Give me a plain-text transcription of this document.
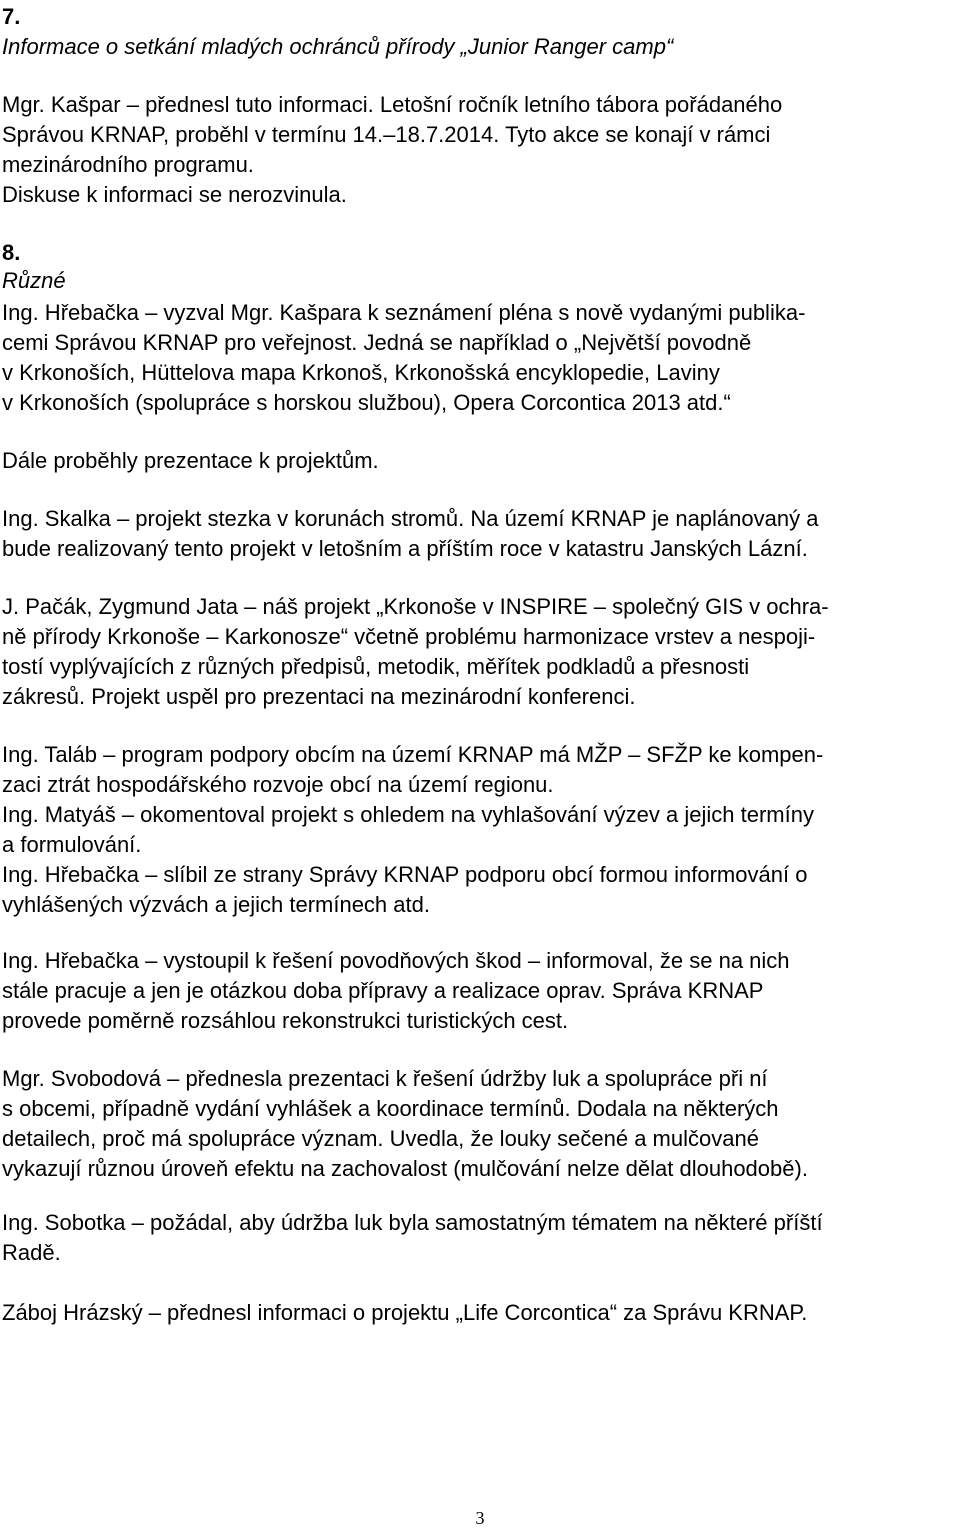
7.
Informace o setkání mladých ochránců přírody „Junior Ranger camp“
Mgr. Kašpar – přednesl tuto informaci. Letošní ročník letního tábora pořádaného
Správou KRNAP, proběhl v termínu 14.–18.7.2014. Tyto akce se konají v rámci
mezinárodního programu.
Diskuse k informaci se nerozvinula.
8.
Různé
Ing. Hřebačka – vyzval Mgr. Kašpara k seznámení pléna s nově vydanými publika-
cemi Správou KRNAP pro veřejnost. Jedná se například o „Největší povodně
v Krkonoších, Hüttelova mapa Krkonoš, Krkonošská encyklopedie, Laviny
v Krkonoších (spolupráce s horskou službou), Opera Corcontica 2013 atd.“
Dále proběhly prezentace k projektům.
Ing. Skalka – projekt stezka v korunách stromů. Na území KRNAP je naplánovaný a
bude realizovaný tento projekt v letošním a příštím roce v katastru Janských Lázní.
J. Pačák, Zygmund Jata – náš projekt „Krkonoše v INSPIRE – společný GIS v ochra-
ně přírody Krkonoše – Karkonosze“ včetně problému harmonizace vrstev a nespoji-
tostí vyplývajících z různých předpisů, metodik, měřítek podkladů a přesnosti
zákresů. Projekt uspěl pro prezentaci na mezinárodní konferenci.
Ing. Taláb – program podpory obcím na území KRNAP má MŽP – SFŽP ke kompen-
zaci ztrát hospodářského rozvoje obcí na území regionu.
Ing. Matyáš – okomentoval projekt s ohledem na vyhlašování výzev a jejich termíny
a formulování.
Ing. Hřebačka – slíbil ze strany Správy KRNAP podporu obcí formou informování o
vyhlášených výzvách a jejich termínech atd.
Ing. Hřebačka – vystoupil k řešení povodňových škod – informoval, že se na nich
stále pracuje a jen je otázkou doba přípravy a realizace oprav. Správa KRNAP
provede poměrně rozsáhlou rekonstrukci turistických cest.
Mgr. Svobodová – přednesla prezentaci k řešení údržby luk a spolupráce při ní
s obcemi, případně vydání vyhlášek a koordinace termínů. Dodala na některých
detailech, proč má spolupráce význam. Uvedla, že louky sečené a mulčované
vykazují různou úroveň efektu na zachovalost (mulčování nelze dělat dlouhodobě).
Ing. Sobotka – požádal, aby údržba luk byla samostatným tématem na některé příští
Radě.
Záboj Hrázský – přednesl informaci o projektu „Life Corcontica“ za Správu KRNAP.
3
